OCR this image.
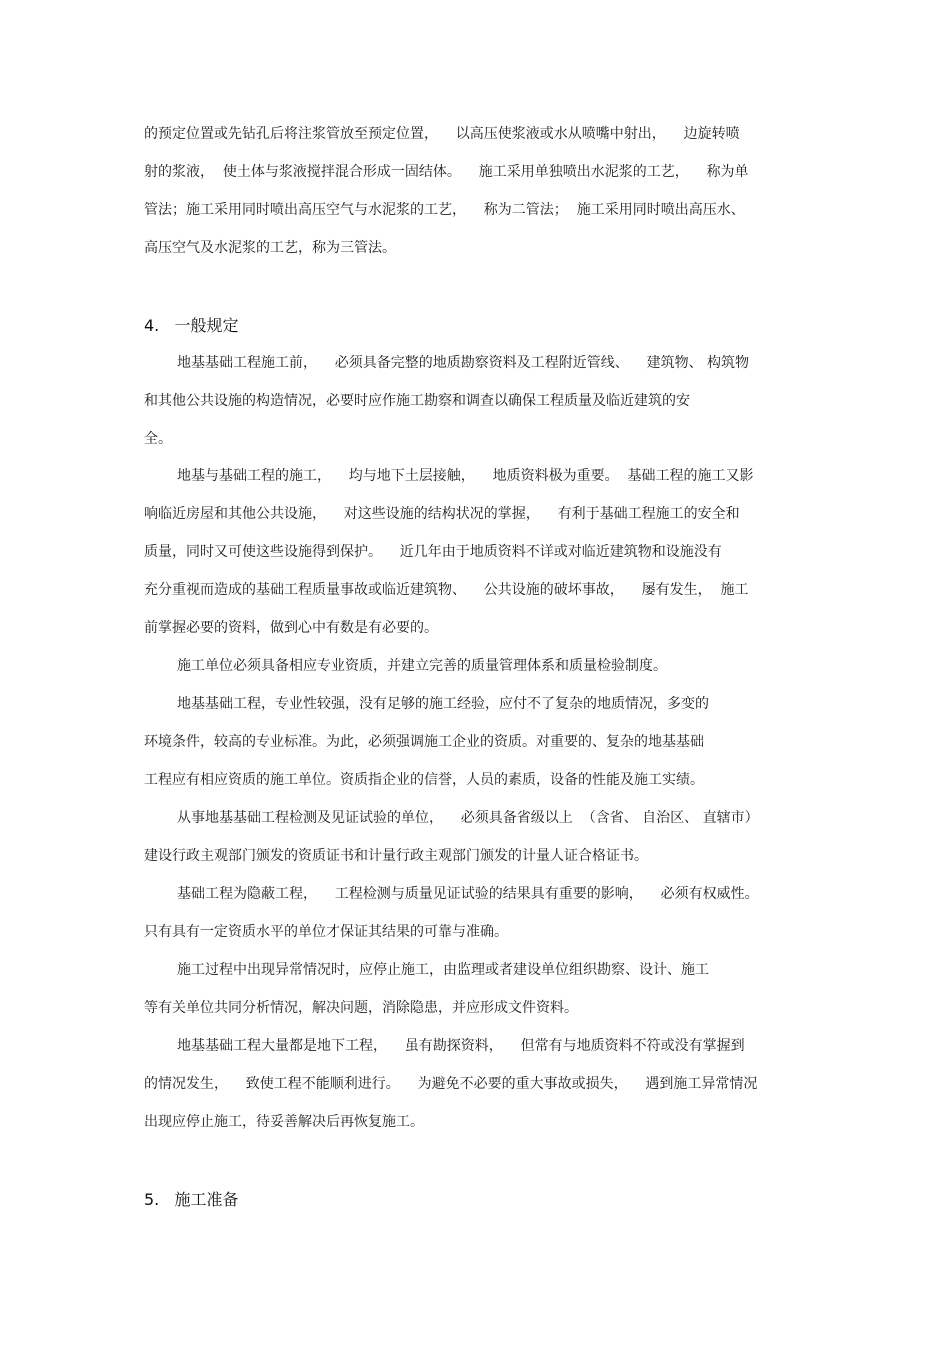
的预定位置或先钻孔后将注浆管放至预定位置，    以高压使浆液或水从喷嘴中射出，    边旋转喷
射的浆液，  使土体与浆液搅拌混合形成一固结体。    施工采用单独喷出水泥浆的工艺，    称为单
管法；施工采用同时喷出高压空气与水泥浆的工艺，    称为二管法；  施工采用同时喷出高压水、
高压空气及水泥浆的工艺，称为三管法。
4.   一般规定
地基基础工程施工前，    必须具备完整的地质勘察资料及工程附近管线、    建筑物、 构筑物
和其他公共设施的构造情况，必要时应作施工勘察和调查以确保工程质量及临近建筑的安
全。
地基与基础工程的施工，    均与地下土层接触，    地质资料极为重要。  基础工程的施工又影
响临近房屋和其他公共设施，    对这些设施的结构状况的掌握，    有利于基础工程施工的安全和
质量，同时又可使这些设施得到保护。    近几年由于地质资料不详或对临近建筑物和设施没有
充分重视而造成的基础工程质量事故或临近建筑物、    公共设施的破坏事故，    屡有发生，  施工
前掌握必要的资料，做到心中有数是有必要的。
施工单位必须具备相应专业资质，并建立完善的质量管理体系和质量检验制度。
地基基础工程，专业性较强，没有足够的施工经验，应付不了复杂的地质情况，多变的
环境条件，较高的专业标准。为此，必须强调施工企业的资质。对重要的、复杂的地基基础
工程应有相应资质的施工单位。资质指企业的信誉，人员的素质，设备的性能及施工实绩。
从事地基基础工程检测及见证试验的单位，    必须具备省级以上  （含省、 自治区、 直辖市）
建设行政主观部门颁发的资质证书和计量行政主观部门颁发的计量人证合格证书。
基础工程为隐蔽工程，    工程检测与质量见证试验的结果具有重要的影响，    必须有权威性。
只有具有一定资质水平的单位才保证其结果的可靠与准确。
施工过程中出现异常情况时，应停止施工，由监理或者建设单位组织勘察、设计、施工
等有关单位共同分析情况，解决问题，消除隐患，并应形成文件资料。
地基基础工程大量都是地下工程，    虽有勘探资料，    但常有与地质资料不符或没有掌握到
的情况发生，    致使工程不能顺利进行。    为避免不必要的重大事故或损失，    遇到施工异常情况
出现应停止施工，待妥善解决后再恢复施工。
5.   施工准备
